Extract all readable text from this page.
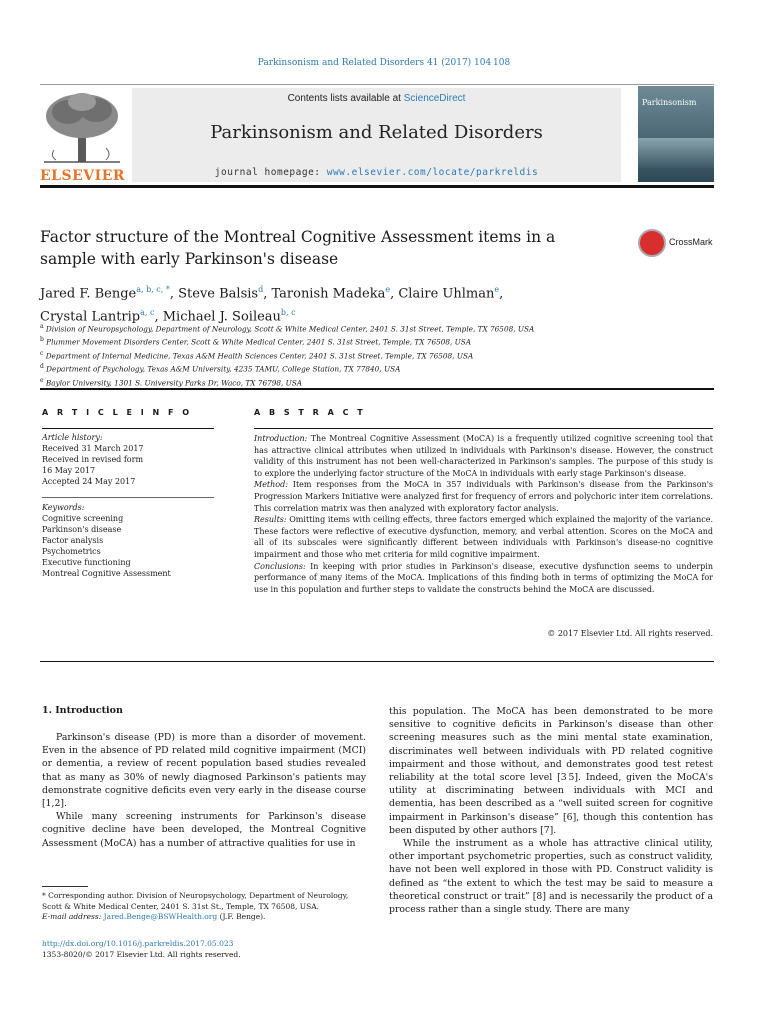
Parkinsonism and Related Disorders 41 (2017) 104 108
ELSEVIER
Contents lists available at ScienceDirect
Parkinsonism and Related Disorders
journal homepage: www.elsevier.com/locate/parkreldis
Parkinsonism
Factor structure of the Montreal Cognitive Assessment items in a sample with early Parkinson's disease
CrossMark
Jared F. Benge$^{a, b, c, *}$, Steve Balsis$^d$, Taronish Madeka$^e$, Claire Uhlman$^e$,
Crystal Lantrip$^{a, c}$, Michael J. Soileau$^{b, c}$
$^a$ Division of Neuropsychology, Department of Neurology, Scott & White Medical Center, 2401 S. 31st Street, Temple, TX 76508, USA
$^b$ Plummer Movement Disorders Center, Scott & White Medical Center, 2401 S. 31st Street, Temple, TX 76508, USA
$^c$ Department of Internal Medicine, Texas A&M Health Sciences Center, 2401 S. 31st Street, Temple, TX 76508, USA
$^d$ Department of Psychology, Texas A&M University, 4235 TAMU, College Station, TX 77840, USA
$^e$ Baylor University, 1301 S. University Parks Dr, Waco, TX 76798, USA
A R T I C L E I N F O
Article history:
Received 31 March 2017
Received in revised form
16 May 2017
Accepted 24 May 2017
Keywords:
Cognitive screening
Parkinson's disease
Factor analysis
Psychometrics
Executive functioning
Montreal Cognitive Assessment
A B S T R A C T

Introduction: The Montreal Cognitive Assessment (MoCA) is a frequently utilized cognitive screening tool that has attractive clinical attributes when utilized in individuals with Parkinson's disease. However, the construct validity of this instrument has not been well-characterized in Parkinson's samples. The purpose of this study is to explore the underlying factor structure of the MoCA in individuals with early stage Parkinson's disease.

Method: Item responses from the MoCA in 357 individuals with Parkinson's disease from the Parkinson's Progression Markers Initiative were analyzed first for frequency of errors and polychoric inter item correlations. This correlation matrix was then analyzed with exploratory factor analysis.

Results: Omitting items with ceiling effects, three factors emerged which explained the majority of the variance. These factors were reflective of executive dysfunction, memory, and verbal attention. Scores on the MoCA and all of its subscales were significantly different between individuals with Parkinson's disease-no cognitive impairment and those who met criteria for mild cognitive impairment.

Conclusions: In keeping with prior studies in Parkinson's disease, executive dysfunction seems to underpin performance of many items of the MoCA. Implications of this finding both in terms of optimizing the MoCA for use in this population and further steps to validate the constructs behind the MoCA are discussed.

© 2017 Elsevier Ltd. All rights reserved.
1. Introduction

Parkinson's disease (PD) is more than a disorder of movement. Even in the absence of PD related mild cognitive impairment (MCI) or dementia, a review of recent population based studies revealed that as many as 30% of newly diagnosed Parkinson's patients may demonstrate cognitive deficits even very early in the disease course [1,2].

While many screening instruments for Parkinson's disease cognitive decline have been developed, the Montreal Cognitive Assessment (MoCA) has a number of attractive qualities for use in

this population. The MoCA has been demonstrated to be more sensitive to cognitive deficits in Parkinson's disease than other screening measures such as the mini mental state examination, discriminates well between individuals with PD related cognitive impairment and those without, and demonstrates good test retest reliability at the total score level [3 5]. Indeed, given the MoCA's utility at discriminating between individuals with MCI and dementia, has been described as a “well suited screen for cognitive impairment in Parkinson's disease” [6], though this contention has been disputed by other authors [7].

While the instrument as a whole has attractive clinical utility, other important psychometric properties, such as construct validity, have not been well explored in those with PD. Construct validity is defined as “the extent to which the test may be said to measure a theoretical construct or trait” [8] and is necessarily the product of a process rather than a single study. There are many

* Corresponding author. Division of Neuropsychology, Department of Neurology, Scott & White Medical Center, 2401 S. 31st St., Temple, TX 76508, USA.
E-mail address: Jared.Benge@BSWHealth.org (J.F. Benge).
http://dx.doi.org/10.1016/j.parkreldis.2017.05.023
1353-8020/© 2017 Elsevier Ltd. All rights reserved.
